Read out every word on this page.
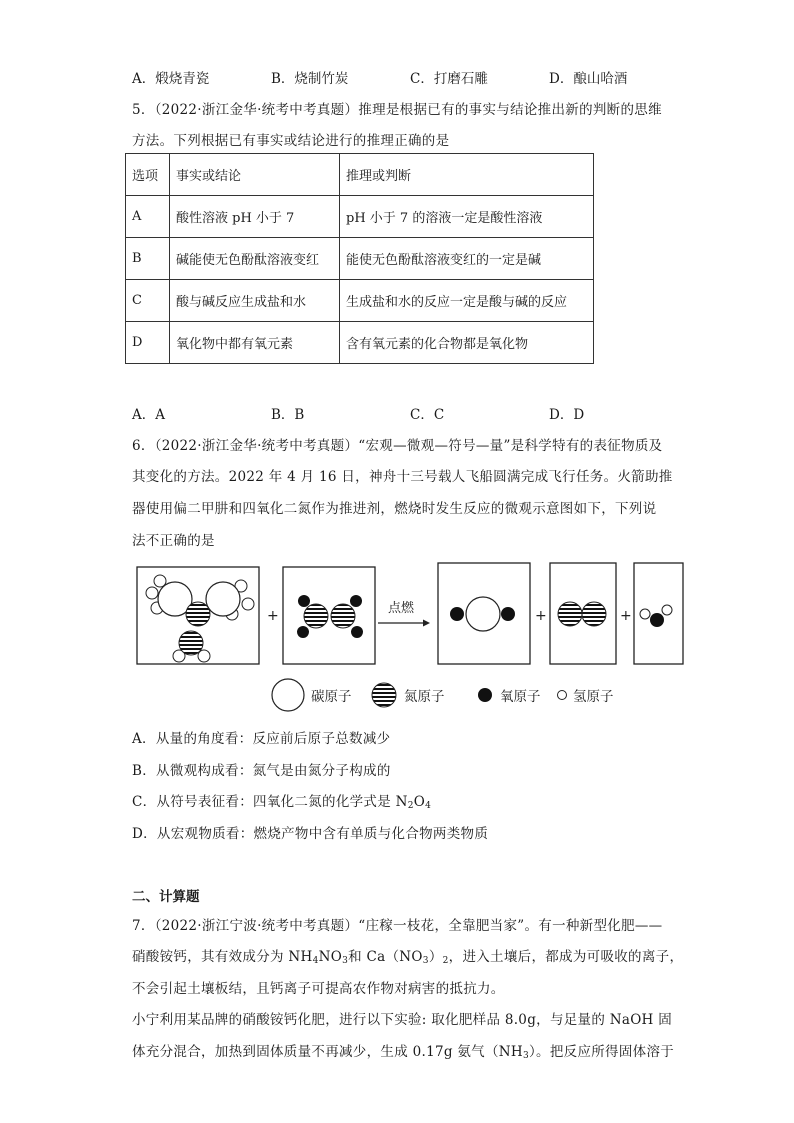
A．煅烧青瓷	B．烧制竹炭	C．打磨石雕	D．酿山哈酒
5．（2022·浙江金华·统考中考真题）推理是根据已有的事实与结论推出新的判断的思维
方法。下列根据已有事实或结论进行的推理正确的是
选项	事实或结论	推理或判断
A	酸性溶液 pH 小于 7	pH 小于 7 的溶液一定是酸性溶液
B	碱能使无色酚酞溶液变红	能使无色酚酞溶液变红的一定是碱
C	酸与碱反应生成盐和水	生成盐和水的反应一定是酸与碱的反应
D	氧化物中都有氧元素	含有氧元素的化合物都是氧化物
A．A	B．B	C．C	D．D
6．（2022·浙江金华·统考中考真题）“宏观—微观—符号—量”是科学特有的表征物质及
其变化的方法。2022 年 4 月 16 日，神舟十三号载人飞船圆满完成飞行任务。火箭助推
器使用偏二甲肼和四氧化二氮作为推进剂，燃烧时发生反应的微观示意图如下，下列说
法不正确的是
+	点燃	+	+
碳原子	氮原子	氧原子 氢原子
A．从量的角度看：反应前后原子总数减少
B．从微观构成看：氮气是由氮分子构成的
C．从符号表征看：四氧化二氮的化学式是 $N_2O_4$
D．从宏观物质看：燃烧产物中含有单质与化合物两类物质
二、计算题
7．（2022·浙江宁波·统考中考真题）“庄稼一枝花，全靠肥当家”。有一种新型化肥——
硝酸铵钙，其有效成分为 $NH_4NO_3$和 $Ca(NO_3)_2$，进入土壤后，都成为可吸收的离子，
不会引起土壤板结，且钙离子可提高农作物对病害的抵抗力。
小宁利用某品牌的硝酸铵钙化肥，进行以下实验: 取化肥样品 8.0g，与足量的 NaOH 固
体充分混合，加热到固体质量不再减少，生成 0.17g 氨气$(NH_3)$。把反应所得固体溶于
